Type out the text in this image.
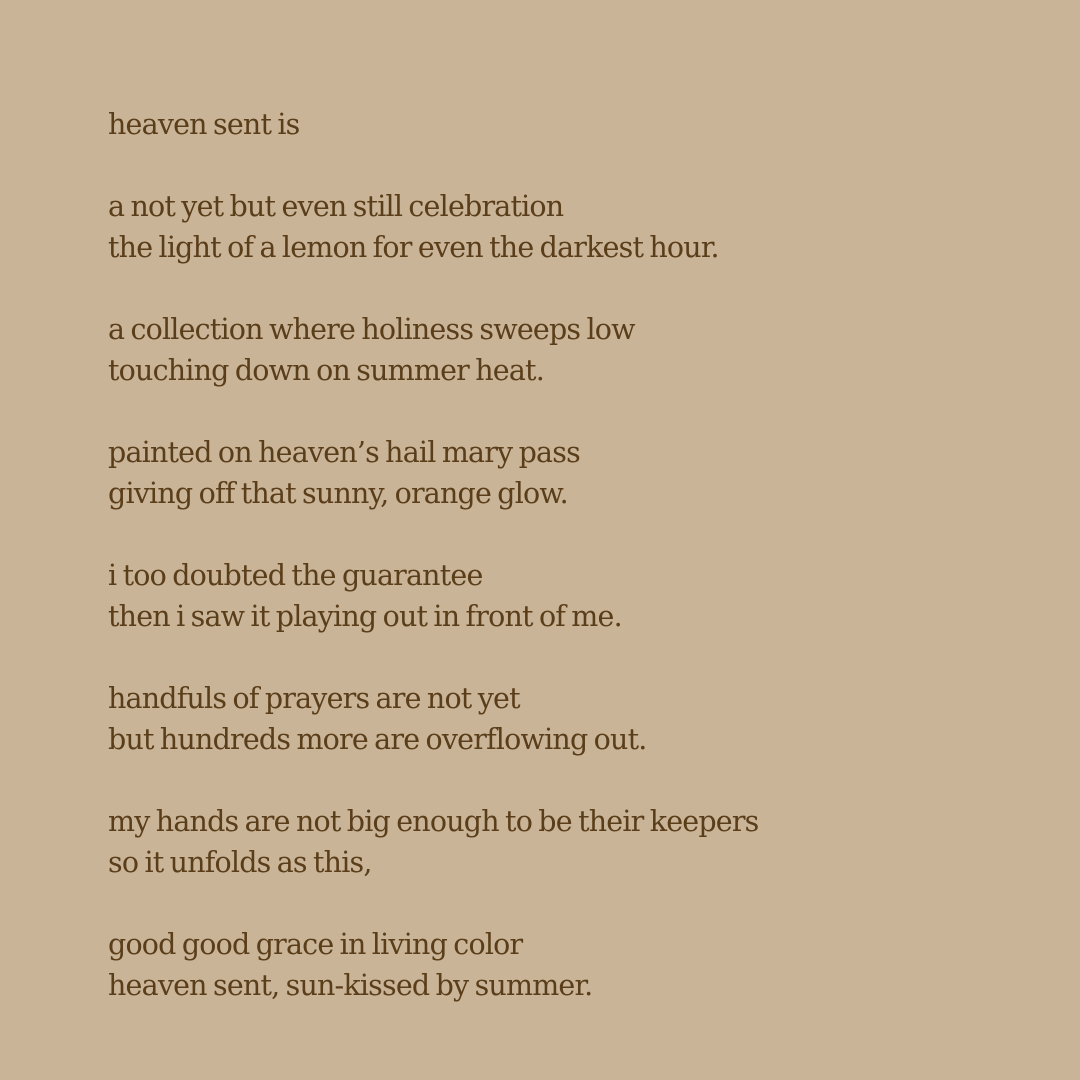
heaven sent is
a not yet but even still celebration
the light of a lemon for even the darkest hour.
a collection where holiness sweeps low
touching down on summer heat.
painted on heaven’s hail mary pass
giving off that sunny, orange glow.
i too doubted the guarantee
then i saw it playing out in front of me.
handfuls of prayers are not yet
but hundreds more are overflowing out.
my hands are not big enough to be their keepers
so it unfolds as this,
good good grace in living color
heaven sent, sun-kissed by summer.
